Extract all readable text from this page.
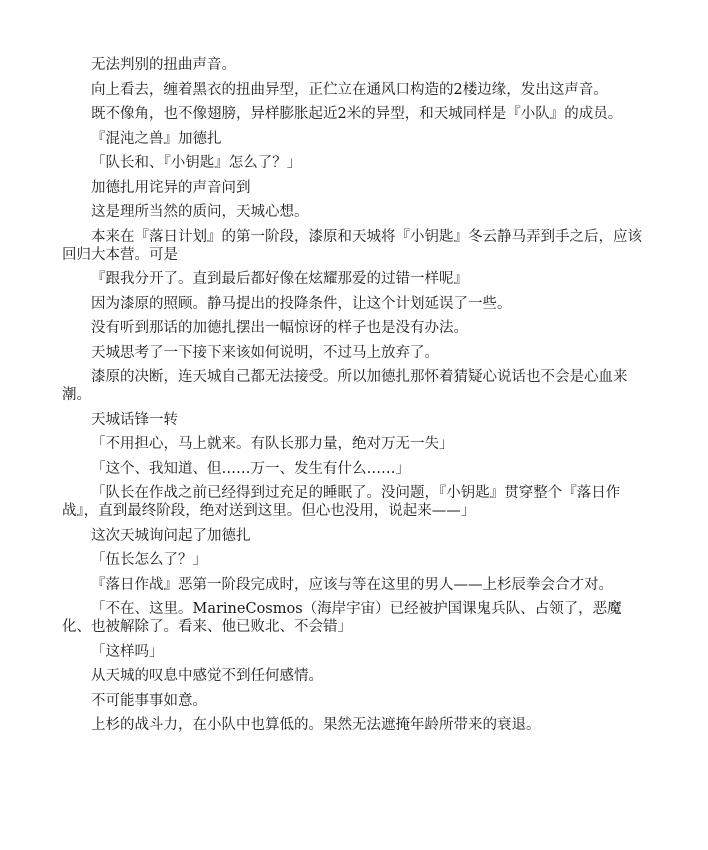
无法判别的扭曲声音。

向上看去，缠着黑衣的扭曲异型，正伫立在通风口构造的2楼边缘，发出这声音。

既不像角，也不像翅膀，异样膨胀起近2米的异型，和天城同样是『小队』的成员。

『混沌之兽』加德扎

「队长和、『小钥匙』怎么了？」

加德扎用诧异的声音问到

这是理所当然的质问，天城心想。

本来在『落日计划』的第一阶段，漆原和天城将『小钥匙』冬云静马弄到手之后，应该回归大本营。可是

『跟我分开了。直到最后都好像在炫耀那爱的过错一样呢』

因为漆原的照顾。静马提出的投降条件，让这个计划延误了一些。

没有听到那话的加德扎摆出一幅惊讶的样子也是没有办法。

天城思考了一下接下来该如何说明，不过马上放弃了。

漆原的决断，连天城自己都无法接受。所以加德扎那怀着猜疑心说话也不会是心血来潮。

天城话锋一转

「不用担心，马上就来。有队长那力量，绝对万无一失」

「这个、我知道、但……万一、发生有什么……」

「队长在作战之前已经得到过充足的睡眠了。没问题，『小钥匙』贯穿整个『落日作战』，直到最终阶段，绝对送到这里。但心也没用，说起来——」

这次天城询问起了加德扎

「伍长怎么了？」

『落日作战』恶第一阶段完成时，应该与等在这里的男人——上杉辰拳会合才对。

「不在、这里。MarineCosmos（海岸宇宙）已经被护国课鬼兵队、占领了，恶魔化、也被解除了。看来、他已败北、不会错」

「这样吗」

从天城的叹息中感觉不到任何感情。

不可能事事如意。

上杉的战斗力，在小队中也算低的。果然无法遮掩年龄所带来的衰退。
